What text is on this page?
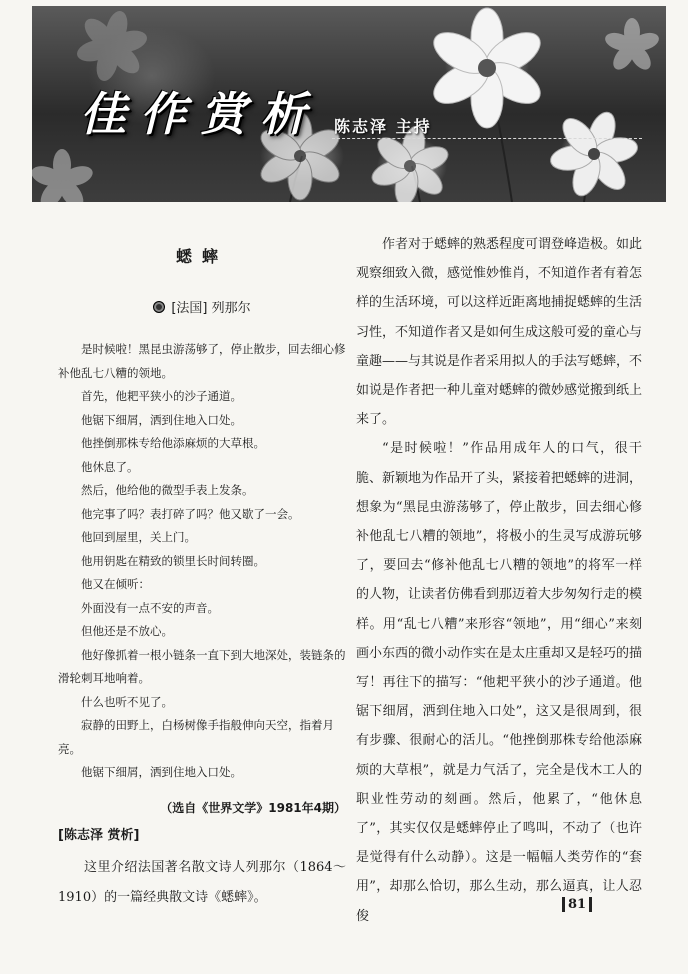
佳作赏析 陈志泽 主持
蟋蟀
[法国] 列那尔

是时候啦！黑昆虫游荡够了，停止散步，回去细心修补他乱七八糟的领地。

首先，他耙平狭小的沙子通道。

他锯下细屑，洒到住地入口处。

他挫倒那株专给他添麻烦的大草根。

他休息了。

然后，他给他的微型手表上发条。

他完事了吗？表打碎了吗？他又歇了一会。

他回到屋里，关上门。

他用钥匙在精致的锁里长时间转圈。

他又在倾听：

外面没有一点不安的声音。

但他还是不放心。

他好像抓着一根小链条一直下到大地深处，装链条的滑轮刺耳地响着。

什么也听不见了。

寂静的田野上，白杨树像手指般伸向天空，指着月亮。

他锯下细屑，洒到住地入口处。

（选自《世界文学》1981年4期）
[陈志泽 赏析]

这里介绍法国著名散文诗人列那尔（1864～1910）的一篇经典散文诗《蟋蟀》。

作者对于蟋蟀的熟悉程度可谓登峰造极。如此观察细致入微，感觉惟妙惟肖，不知道作者有着怎样的生活环境，可以这样近距离地捕捉蟋蟀的生活习性，不知道作者又是如何生成这般可爱的童心与童趣——与其说是作者采用拟人的手法写蟋蟀，不如说是作者把一种儿童对蟋蟀的微妙感觉搬到纸上来了。

“是时候啦！”作品用成年人的口气，很干脆、新颖地为作品开了头，紧接着把蟋蟀的进洞，想象为“黑昆虫游荡够了，停止散步，回去细心修补他乱七八糟的领地”，将极小的生灵写成游玩够了，要回去“修补他乱七八糟的领地”的将军一样的人物，让读者仿佛看到那迈着大步匆匆行走的模样。用“乱七八糟”来形容“领地”，用“细心”来刻画小东西的微小动作实在是太庄重却又是轻巧的描写！再往下的描写：“他耙平狭小的沙子通道。他锯下细屑，洒到住地入口处”，这又是很周到，很有步骤、很耐心的活儿。“他挫倒那株专给他添麻烦的大草根”，就是力气活了，完全是伐木工人的职业性劳动的刻画。然后，他累了，“他休息了”，其实仅仅是蟋蟀停止了鸣叫，不动了（也许是觉得有什么动静）。这是一幅幅人类劳作的“套用”，却那么恰切，那么生动，那么逼真，让人忍俊

81
